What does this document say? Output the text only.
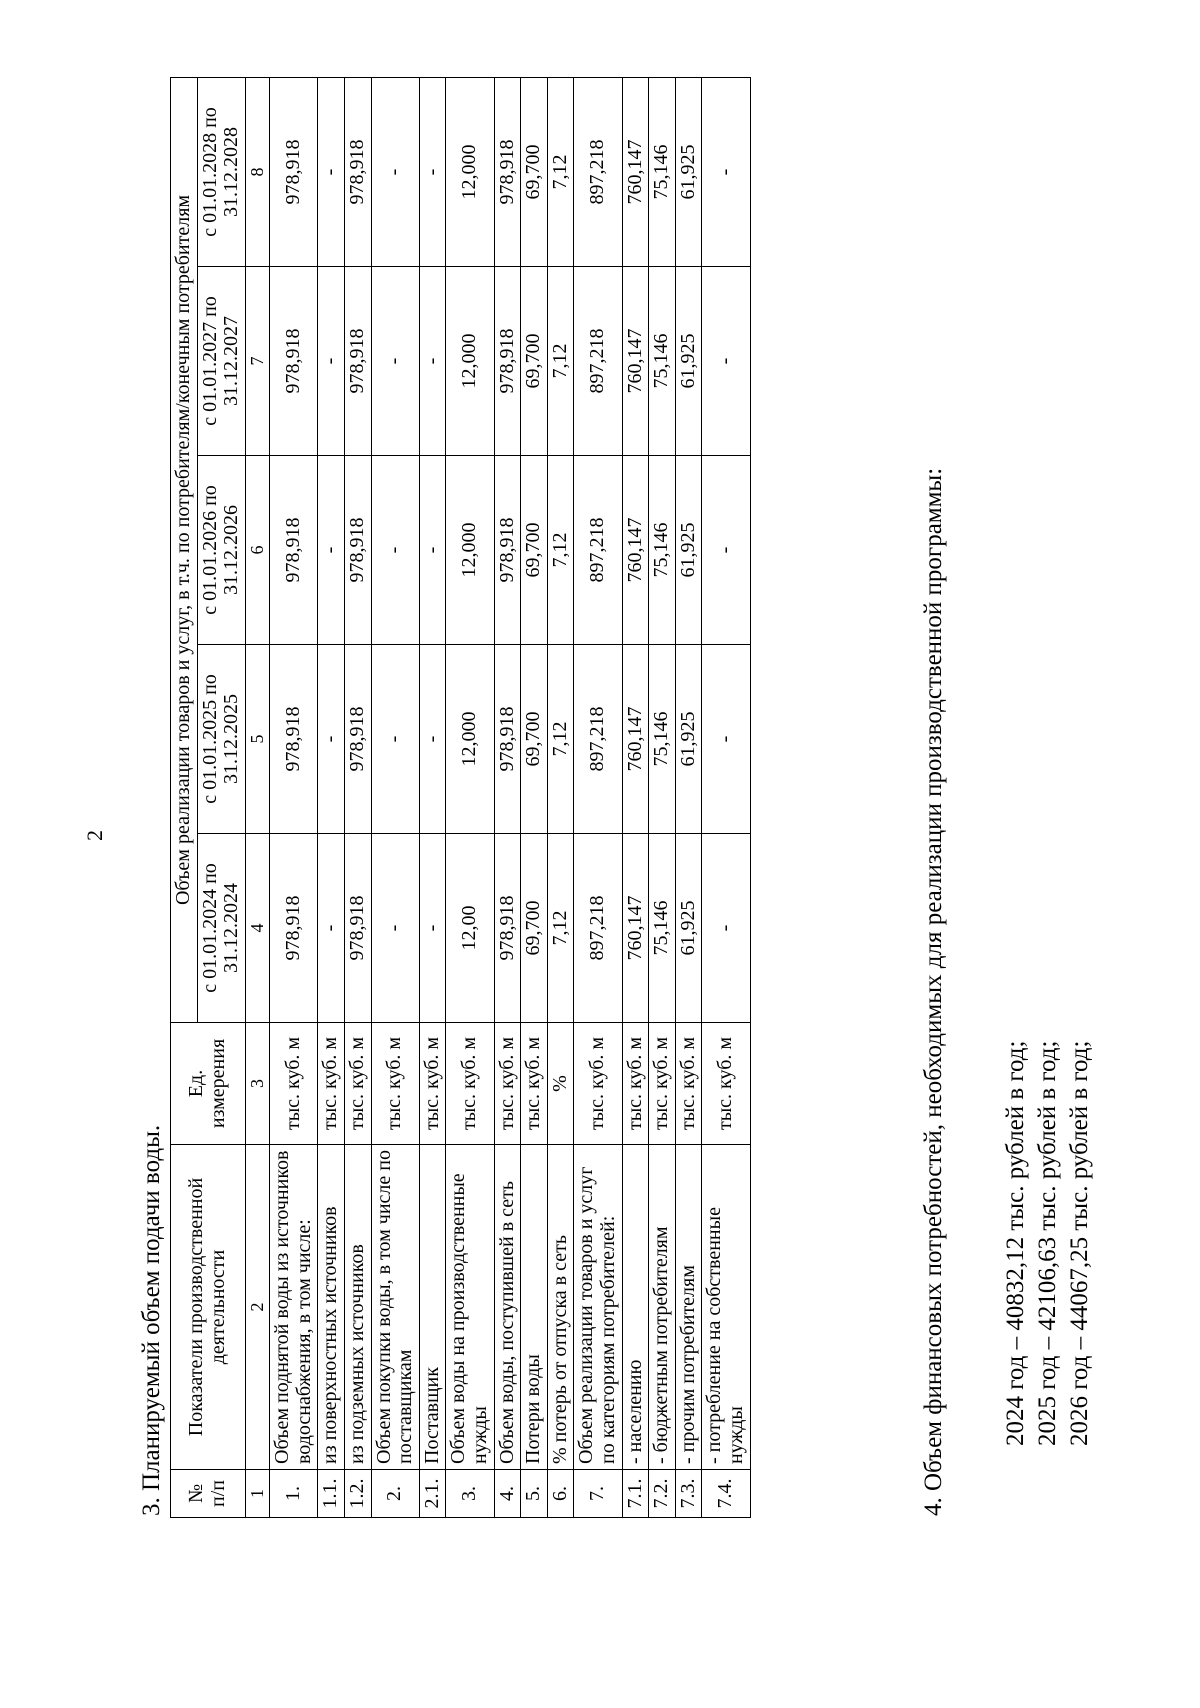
2
3. Планируемый объем подачи воды. № п/п	Показатели производственной деятельности	Ед. измерения	Объем реализации товаров и услуг, в т.ч. по потребителям/конечным потребителям				
			с 01.01.2024 по 31.12.2024	с 01.01.2025 по 31.12.2025	с 01.01.2026 по 31.12.2026	с 01.01.2027 по 31.12.2027	с 01.01.2028 по 31.12.2028
1	2	3	4	5	6	7	8
1.	Объем поднятой воды из источников водоснабжения, в том числе:	тыс. куб. м	978,918	978,918	978,918	978,918	978,918
1.1.	из поверхностных источников	тыс. куб. м	-	-	-	-	-
1.2.	из подземных источников	тыс. куб. м	978,918	978,918	978,918	978,918	978,918
2.	Объем покупки воды, в том числе по поставщикам	тыс. куб. м	-	-	-	-	-
2.1.	Поставщик	тыс. куб. м	-	-	-	-	-
3.	Объем воды на производственные нужды	тыс. куб. м	12,00	12,000	12,000	12,000	12,000
4.	Объем воды, поступившей в сеть	тыс. куб. м	978,918	978,918	978,918	978,918	978,918
5.	Потери воды	тыс. куб. м	69,700	69,700	69,700	69,700	69,700
6.	% потерь от отпуска в сеть	%	7,12	7,12	7,12	7,12	7,12
7.	Объем реализации товаров и услуг по категориям потребителей:	тыс. куб. м	897,218	897,218	897,218	897,218	897,218
7.1.	- населению	тыс. куб. м	760,147	760,147	760,147	760,147	760,147
7.2.	- бюджетным потребителям	тыс. куб. м	75,146	75,146	75,146	75,146	75,146
7.3.	- прочим потребителям	тыс. куб. м	61,925	61,925	61,925	61,925	61,925
7.4.	- потребление на собственные нужды	тыс. куб. м	-	-	-	-	-
4. Объем финансовых потребностей, необходимых для реализации производственной программы: 2024 год – 40832,12 тыс. рублей в год; 2025 год – 42106,63 тыс. рублей в год; 2026 год – 44067,25 тыс. рублей в год;
